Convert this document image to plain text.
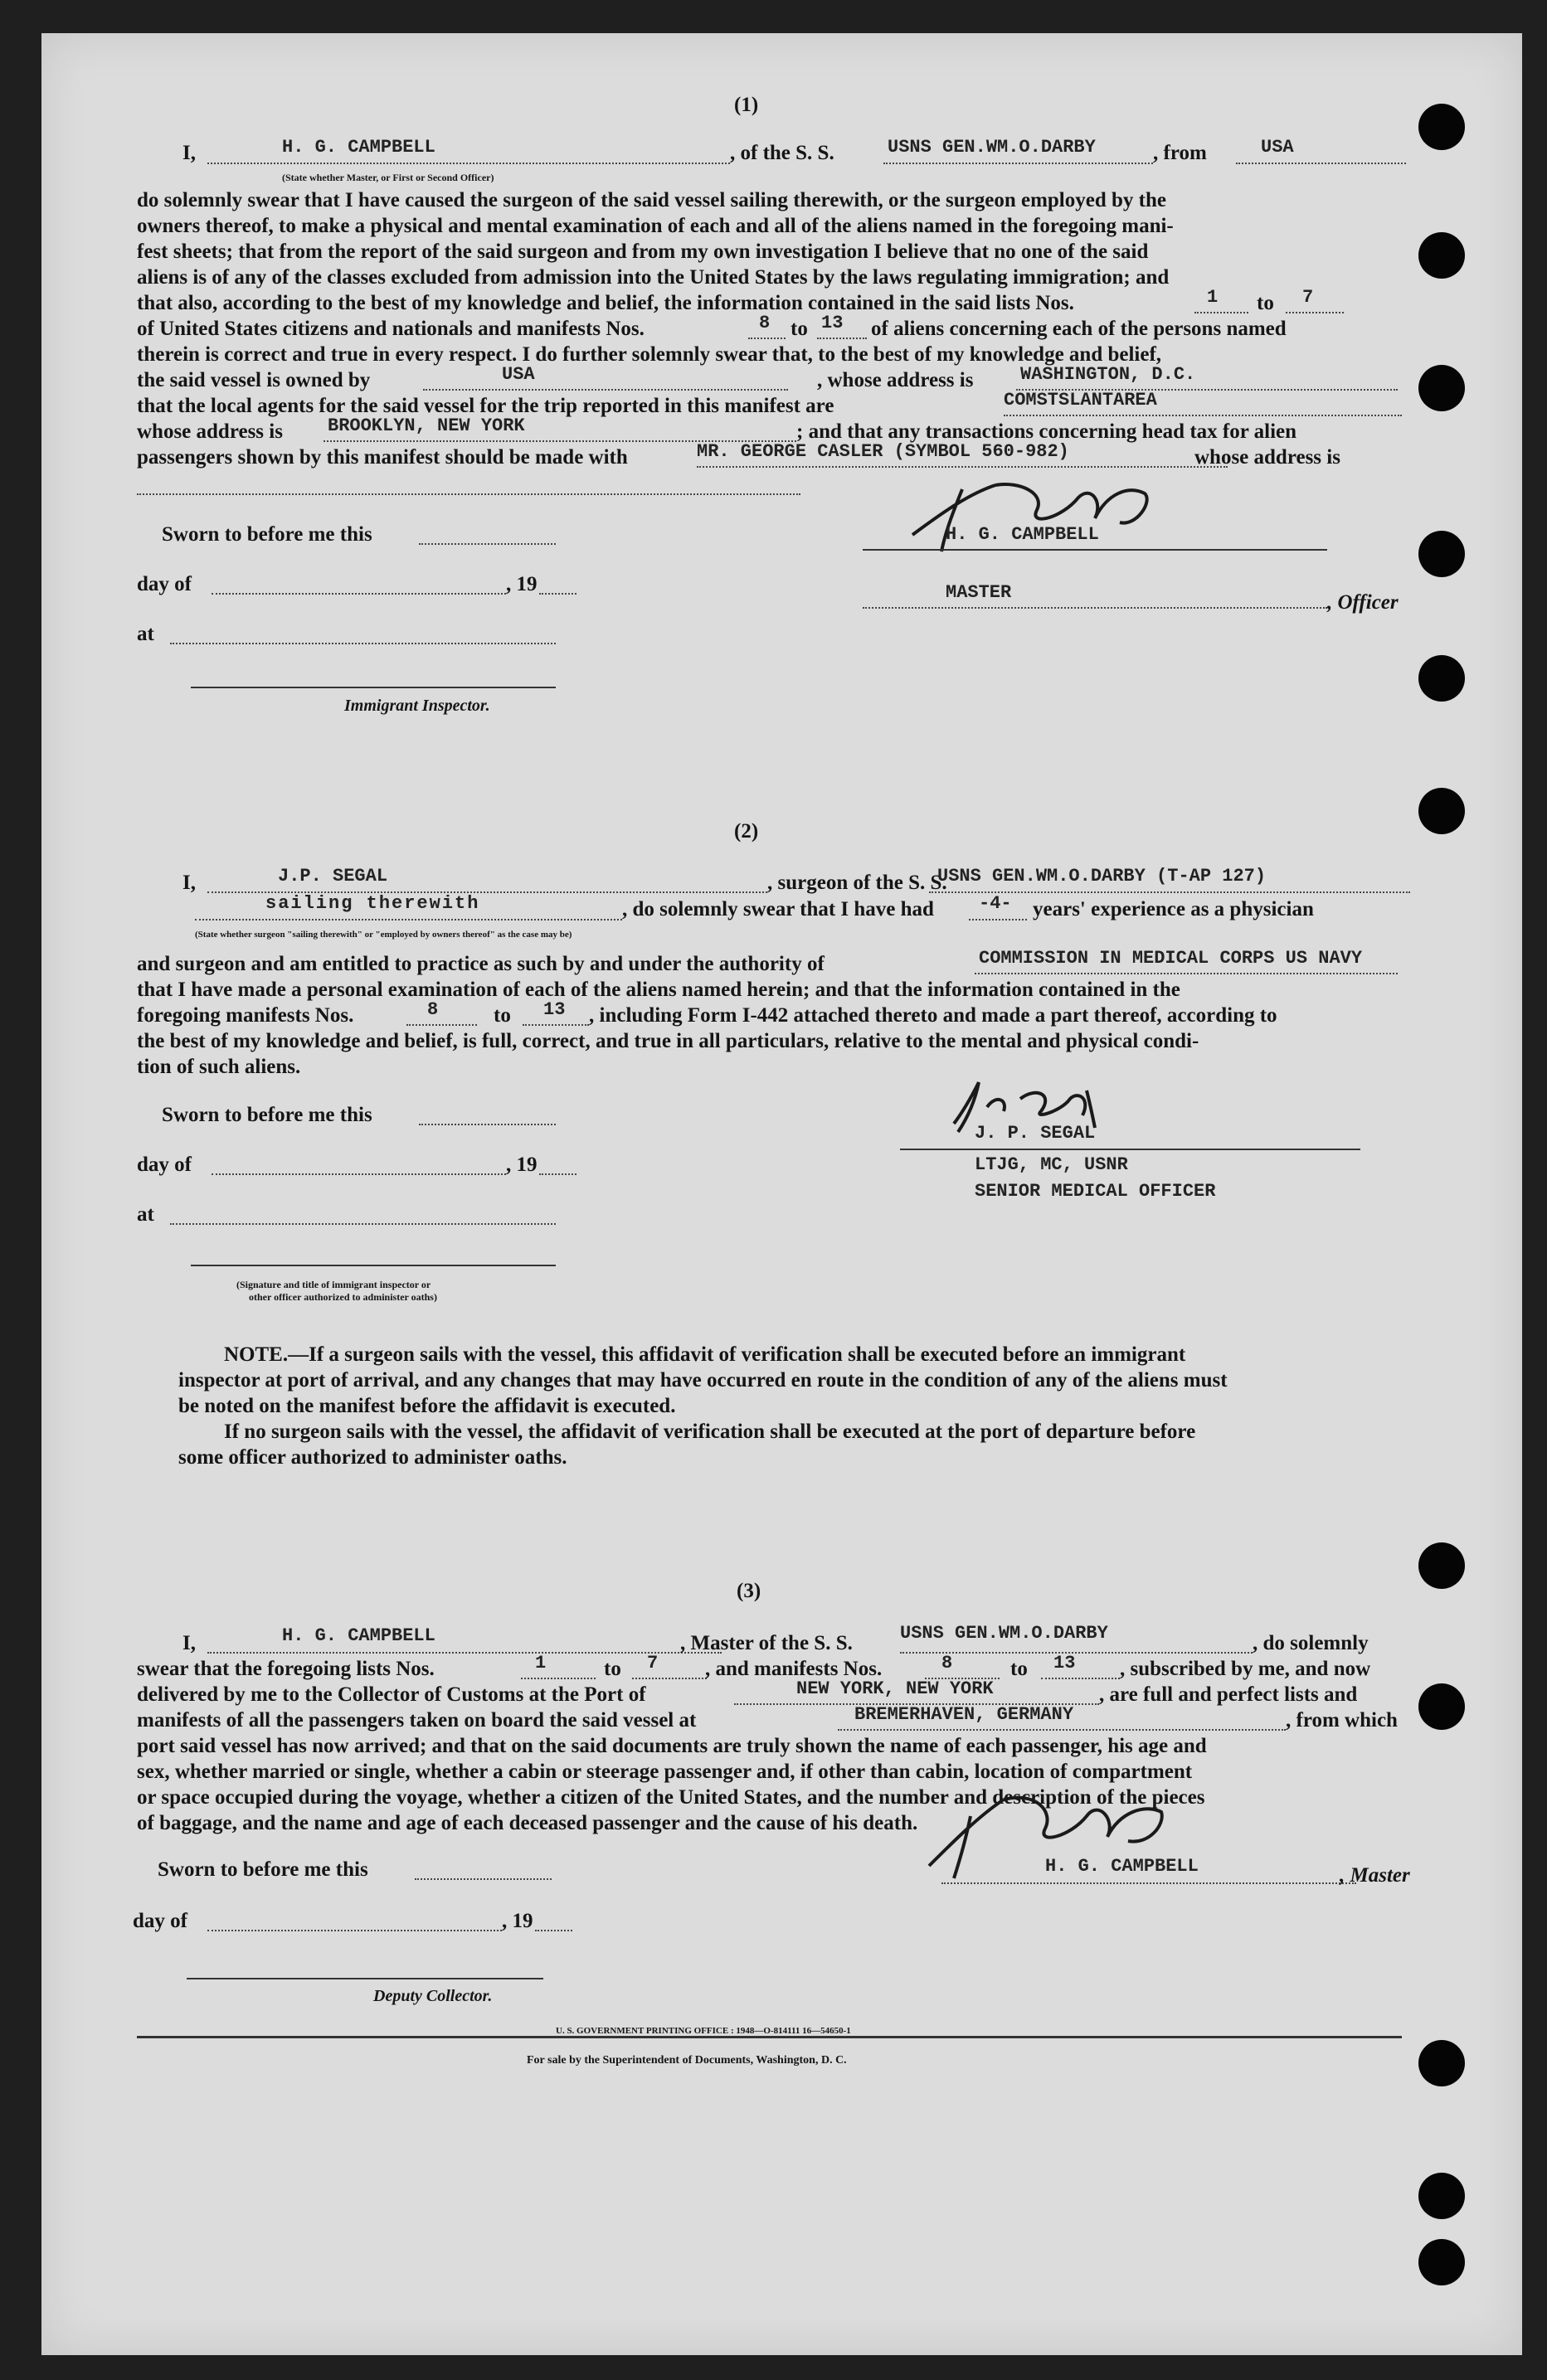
(1)
I,	H. G. CAMPBELL	, of the S. S.	USNS GEN.WM.O.DARBY	, from	USA
(State whether Master, or First or Second Officer)
do solemnly swear that I have caused the surgeon of the said vessel sailing therewith, or the surgeon employed by the
owners thereof, to make a physical and mental examination of each and all of the aliens named in the foregoing mani-
fest sheets; that from the report of the said surgeon and from my own investigation I believe that no one of the said
aliens is of any of the classes excluded from admission into the United States by the laws regulating immigration; and
that also, according to the best of my knowledge and belief, the information contained in the said lists Nos.	1 to 7
of United States citizens and nationals and manifests Nos.	8 to 13 of aliens concerning each of the persons named
therein is correct and true in every respect. I do further solemnly swear that, to the best of my knowledge and belief,
the said vessel is owned by	USA	, whose address is	WASHINGTON, D.C.
that the local agents for the said vessel for the trip reported in this manifest are	COMSTSLANTAREA
whose address is BROOKLYN, NEW YORK	; and that any transactions concerning head tax for alien
passengers shown by this manifest should be made with	MR. GEORGE CASLER (SYMBOL 560-982)	whose address is
Sworn to before me this
day of	, 19
at
Immigrant Inspector.
H. G. CAMPBELL
MASTER	, Officer
(2)
I,	J.P. SEGAL	, surgeon of the S. S.
USNS GEN.WM.O.DARBY (T-AP 127)
sailing therewith	, do solemnly swear that I have had -4- years' experience as a physician
(State whether surgeon "sailing therewith" or "employed by owners thereof" as the case may be)
and surgeon and am entitled to practice as such by and under the authority of	COMMISSION IN MEDICAL CORPS US NAVY
that I have made a personal examination of each of the aliens named herein; and that the information contained in the
foregoing manifests Nos.	8	to 13 , including Form I-442 attached thereto and made a part thereof, according to
the best of my knowledge and belief, is full, correct, and true in all particulars, relative to the mental and physical condi-
tion of such aliens.
Sworn to before me this
day of	, 19
at
(Signature and title of immigrant inspector or
other officer authorized to administer oaths)
J. P. SEGAL
LTJG, MC, USNR
SENIOR MEDICAL OFFICER
NOTE.—If a surgeon sails with the vessel, this affidavit of verification shall be executed before an immigrant
inspector at port of arrival, and any changes that may have occurred en route in the condition of any of the aliens must
be noted on the manifest before the affidavit is executed.
If no surgeon sails with the vessel, the affidavit of verification shall be executed at the port of departure before
some officer authorized to administer oaths.
(3)
I,	H. G. CAMPBELL	, Master of the S. S.	USNS GEN.WM.O.DARBY	, do solemnly
swear that the foregoing lists Nos.	1	to 7 , and manifests Nos.	8	to 13 , subscribed by me, and now
delivered by me to the Collector of Customs at the Port of	NEW YORK, NEW YORK	, are full and perfect lists and
manifests of all the passengers taken on board the said vessel at	BREMERHAVEN, GERMANY	, from which
port said vessel has now arrived; and that on the said documents are truly shown the name of each passenger, his age and
sex, whether married or single, whether a cabin or steerage passenger and, if other than cabin, location of compartment
or space occupied during the voyage, whether a citizen of the United States, and the number and description of the pieces
of baggage, and the name and age of each deceased passenger and the cause of his death.
Sworn to before me this
day of	, 19
Deputy Collector.
H. G. CAMPBELL	, Master
U. S. GOVERNMENT PRINTING OFFICE : 1948—O-814111 16—54650-1
For sale by the Superintendent of Documents, Washington, D. C.
